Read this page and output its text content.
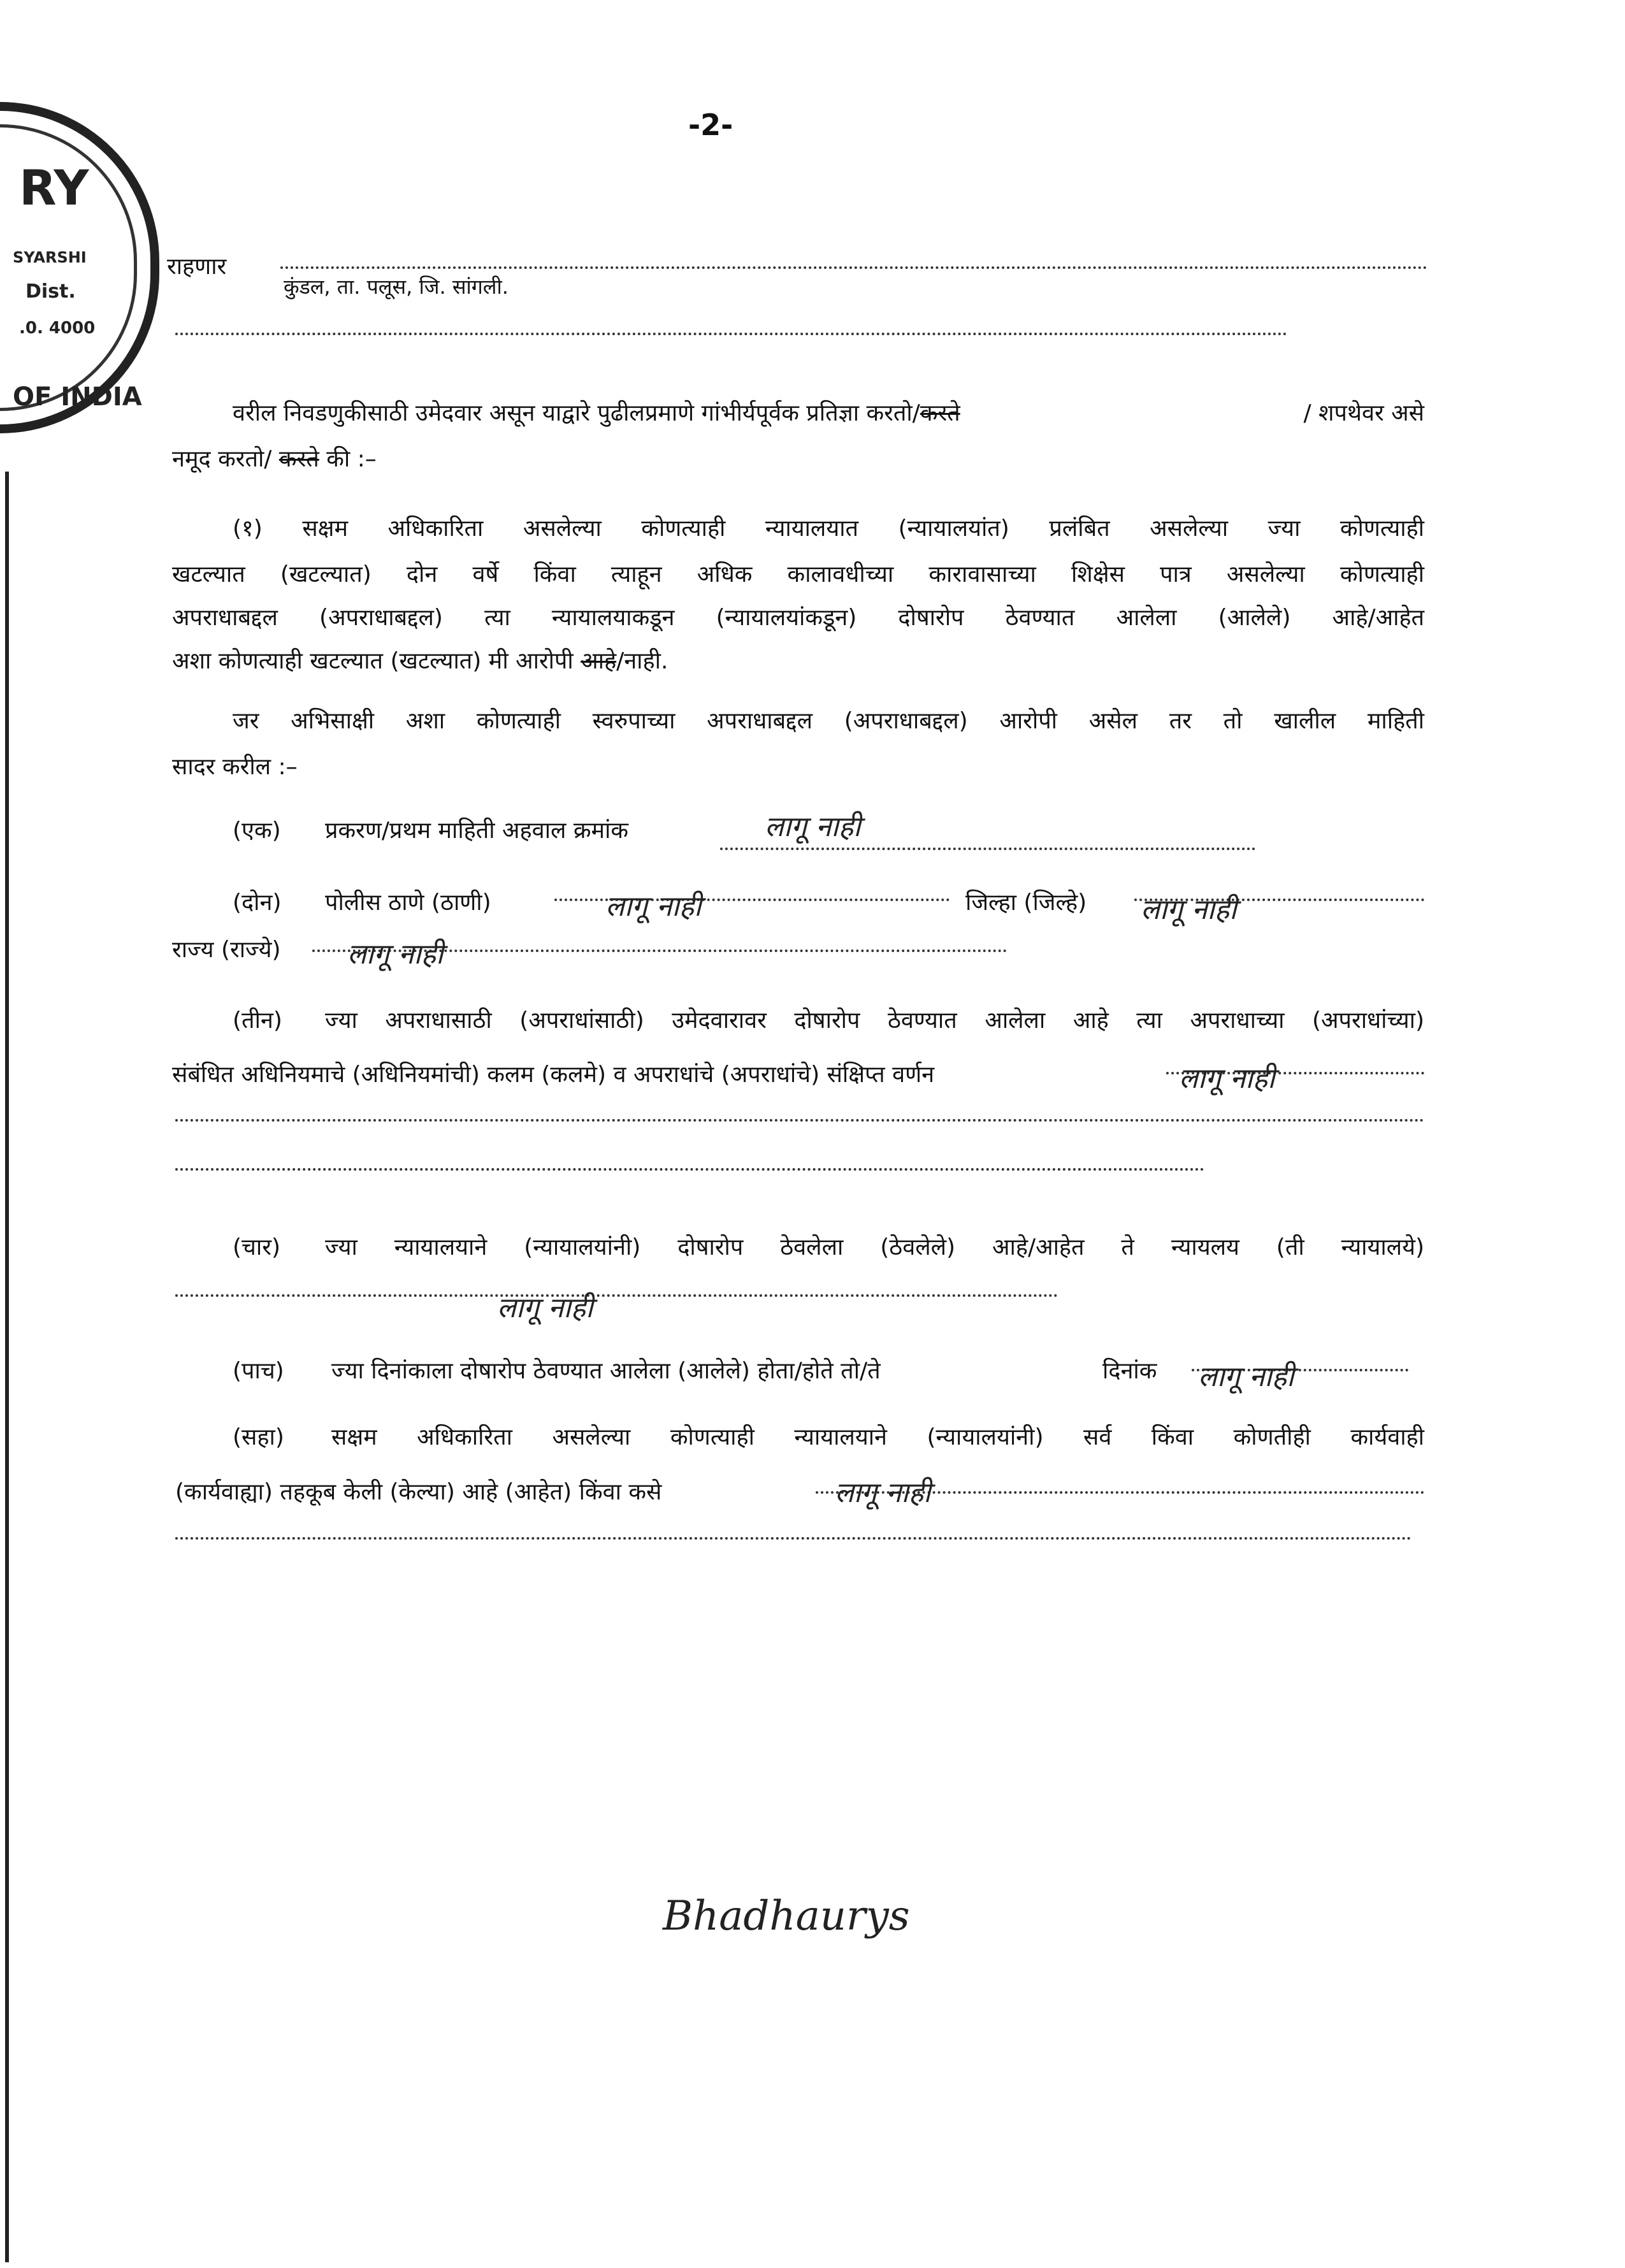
RY
SYARSHI
Dist.
.0. 4000
OF INDIA
-2-
राहणार
कुंडल, ता. पलूस, जि. सांगली.
वरील निवडणुकीसाठी उमेदवार असून याद्वारे पुढीलप्रमाणे गांभीर्यपूर्वक प्रतिज्ञा करतो/करते	/ शपथेवर असे
नमूद करतो/ करते की :–
(१) सक्षम अधिकारिता असलेल्या कोणत्याही न्यायालयात (न्यायालयांत) प्रलंबित असलेल्या ज्या कोणत्याही
खटल्यात (खटल्यात) दोन वर्षे किंवा त्याहून अधिक कालावधीच्या कारावासाच्या शिक्षेस पात्र असलेल्या कोणत्याही
अपराधाबद्दल (अपराधाबद्दल) त्या न्यायालयाकडून (न्यायालयांकडून) दोषारोप ठेवण्यात आलेला (आलेले) आहे/आहेत
अशा कोणत्याही खटल्यात (खटल्यात) मी आरोपी आहे/नाही.
जर अभिसाक्षी अशा कोणत्याही स्वरुपाच्या अपराधाबद्दल (अपराधाबद्दल) आरोपी असेल तर तो खालील माहिती
सादर करील :–
(एक)	प्रकरण/प्रथम माहिती अहवाल क्रमांक	लागू नाही
(दोन)	पोलीस ठाणे (ठाणी)	लागू नाही	जिल्हा (जिल्हे)	लागू नाही
राज्य (राज्ये)	लागू नाही
(तीन)	ज्या अपराधासाठी (अपराधांसाठी) उमेदवारावर दोषारोप ठेवण्यात आलेला आहे त्या अपराधाच्या (अपराधांच्या)
संबंधित अधिनियमाचे (अधिनियमांची) कलम (कलमे) व अपराधांचे (अपराधांचे) संक्षिप्त वर्णन	लागू नाही
(चार)	ज्या न्यायालयाने (न्यायालयांनी) दोषारोप ठेवलेला (ठेवलेले) आहे/आहेत ते न्यायलय (ती न्यायालये)
लागू नाही
(पाच)	ज्या दिनांकाला दोषारोप ठेवण्यात आलेला (आलेले) होता/होते तो/ते	दिनांक	लागू नाही
(सहा)	सक्षम अधिकारिता असलेल्या कोणत्याही न्यायालयाने (न्यायालयांनी) सर्व किंवा कोणतीही कार्यवाही
(कार्यवाह्या) तहकूब केली (केल्या) आहे (आहेत) किंवा कसे	लागू नाही
Bhadhaurys
